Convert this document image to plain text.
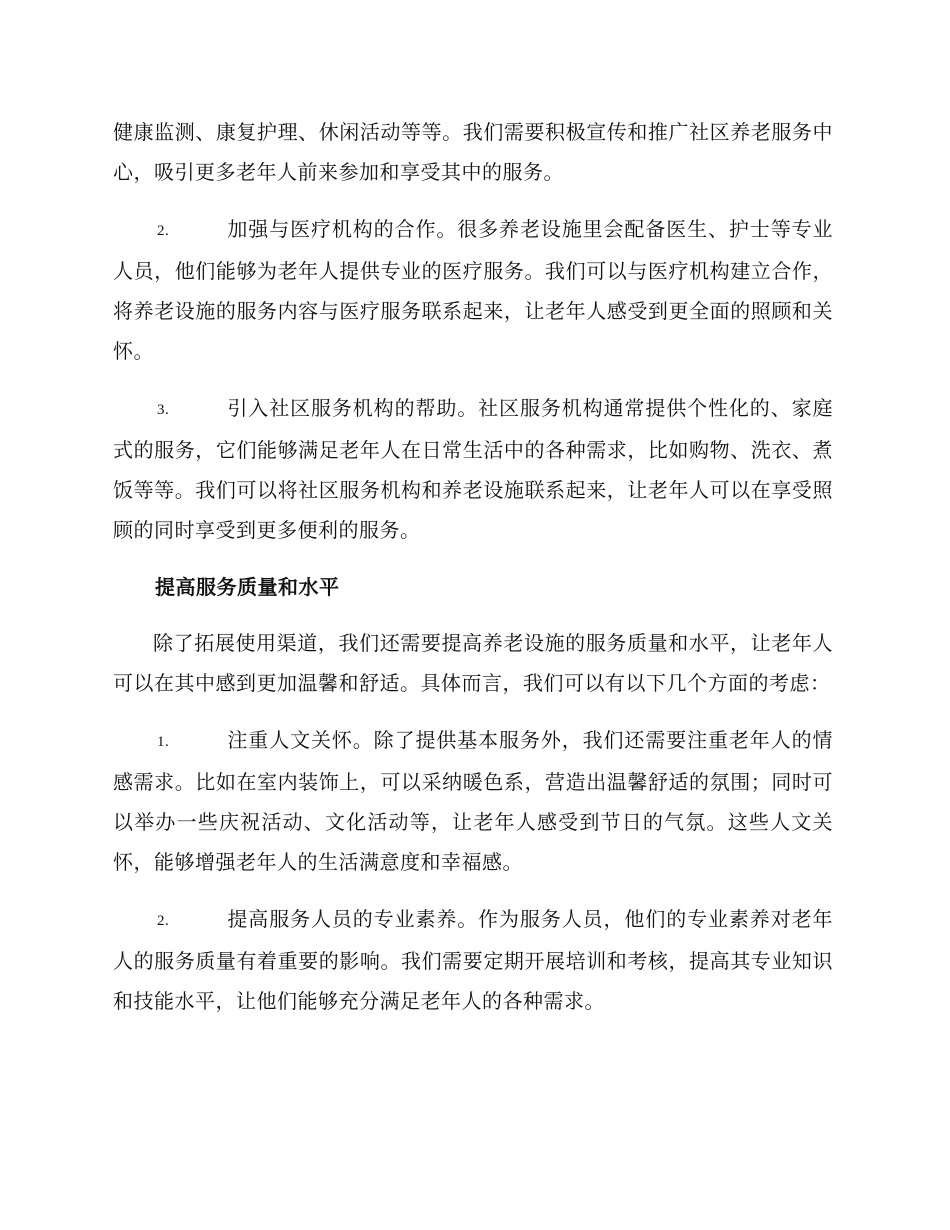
健康监测、康复护理、休闲活动等等。我们需要积极宣传和推广社区养老服务中心，吸引更多老年人前来参加和享受其中的服务。

2.	加强与医疗机构的合作。很多养老设施里会配备医生、护士等专业人员，他们能够为老年人提供专业的医疗服务。我们可以与医疗机构建立合作，将养老设施的服务内容与医疗服务联系起来，让老年人感受到更全面的照顾和关怀。

3.	引入社区服务机构的帮助。社区服务机构通常提供个性化的、家庭式的服务，它们能够满足老年人在日常生活中的各种需求，比如购物、洗衣、煮饭等等。我们可以将社区服务机构和养老设施联系起来，让老年人可以在享受照顾的同时享受到更多便利的服务。

提高服务质量和水平

除了拓展使用渠道，我们还需要提高养老设施的服务质量和水平，让老年人可以在其中感到更加温馨和舒适。具体而言，我们可以有以下几个方面的考虑：

1.	注重人文关怀。除了提供基本服务外，我们还需要注重老年人的情感需求。比如在室内装饰上，可以采纳暖色系，营造出温馨舒适的氛围；同时可以举办一些庆祝活动、文化活动等，让老年人感受到节日的气氛。这些人文关怀，能够增强老年人的生活满意度和幸福感。

2.	提高服务人员的专业素养。作为服务人员，他们的专业素养对老年人的服务质量有着重要的影响。我们需要定期开展培训和考核，提高其专业知识和技能水平，让他们能够充分满足老年人的各种需求。
